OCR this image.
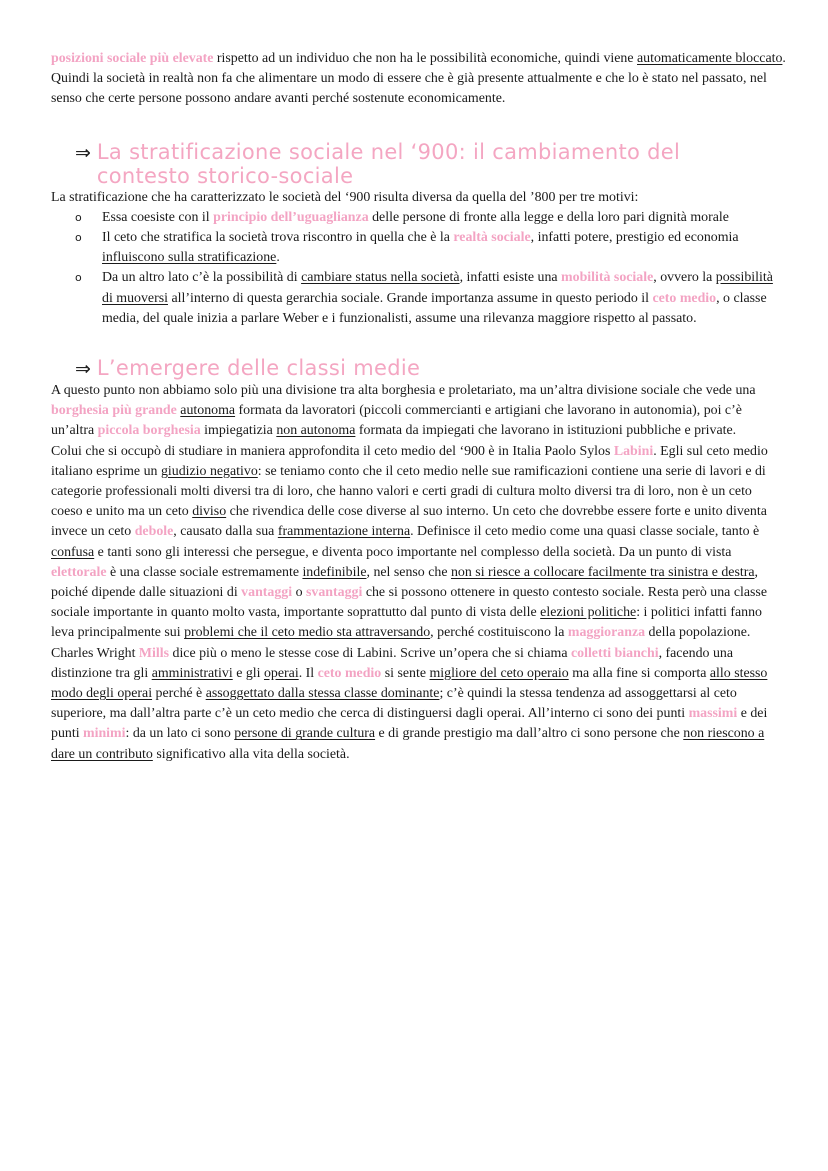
posizioni sociale più elevate rispetto ad un individuo che non ha le possibilità economiche, quindi viene automaticamente bloccato. Quindi la società in realtà non fa che alimentare un modo di essere che è già presente attualmente e che lo è stato nel passato, nel senso che certe persone possono andare avanti perché sostenute economicamente.

⇒ La stratificazione sociale nel ‘900: il cambiamento del contesto storico-sociale

La stratificazione che ha caratterizzato le società del ‘900 risulta diversa da quella del ’800 per tre motivi:

o Essa coesiste con il principio dell’uguaglianza delle persone di fronte alla legge e della loro pari dignità morale
o Il ceto che stratifica la società trova riscontro in quella che è la realtà sociale, infatti potere, prestigio ed economia influiscono sulla stratificazione.
o Da un altro lato c’è la possibilità di cambiare status nella società, infatti esiste una mobilità sociale, ovvero la possibilità di muoversi all’interno di questa gerarchia sociale. Grande importanza assume in questo periodo il ceto medio, o classe media, del quale inizia a parlare Weber e i funzionalisti, assume una rilevanza maggiore rispetto al passato.
⇒ L’emergere delle classi medie

A questo punto non abbiamo solo più una divisione tra alta borghesia e proletariato, ma un’altra divisione sociale che vede una borghesia più grande autonoma formata da lavoratori (piccoli commercianti e artigiani che lavorano in autonomia), poi c’è un’altra piccola borghesia impiegatizia non autonoma formata da impiegati che lavorano in istituzioni pubbliche e private.

Colui che si occupò di studiare in maniera approfondita il ceto medio del ‘900 è in Italia Paolo Sylos Labini. Egli sul ceto medio italiano esprime un giudizio negativo: se teniamo conto che il ceto medio nelle sue ramificazioni contiene una serie di lavori e di categorie professionali molti diversi tra di loro, che hanno valori e certi gradi di cultura molto diversi tra di loro, non è un ceto coeso e unito ma un ceto diviso che rivendica delle cose diverse al suo interno. Un ceto che dovrebbe essere forte e unito diventa invece un ceto debole, causato dalla sua frammentazione interna. Definisce il ceto medio come una quasi classe sociale, tanto è confusa e tanti sono gli interessi che persegue, e diventa poco importante nel complesso della società. Da un punto di vista elettorale è una classe sociale estremamente indefinibile, nel senso che non si riesce a collocare facilmente tra sinistra e destra, poiché dipende dalle situazioni di vantaggi o svantaggi che si possono ottenere in questo contesto sociale. Resta però una classe sociale importante in quanto molto vasta, importante soprattutto dal punto di vista delle elezioni politiche: i politici infatti fanno leva principalmente sui problemi che il ceto medio sta attraversando, perché costituiscono la maggioranza della popolazione.

Charles Wright Mills dice più o meno le stesse cose di Labini. Scrive un’opera che si chiama colletti bianchi, facendo una distinzione tra gli amministrativi e gli operai. Il ceto medio si sente migliore del ceto operaio ma alla fine si comporta allo stesso modo degli operai perché è assoggettato dalla stessa classe dominante; c’è quindi la stessa tendenza ad assoggettarsi al ceto superiore, ma dall’altra parte c’è un ceto medio che cerca di distinguersi dagli operai. All’interno ci sono dei punti massimi e dei punti minimi: da un lato ci sono persone di grande cultura e di grande prestigio ma dall’altro ci sono persone che non riescono a dare un contributo significativo alla vita della società.
